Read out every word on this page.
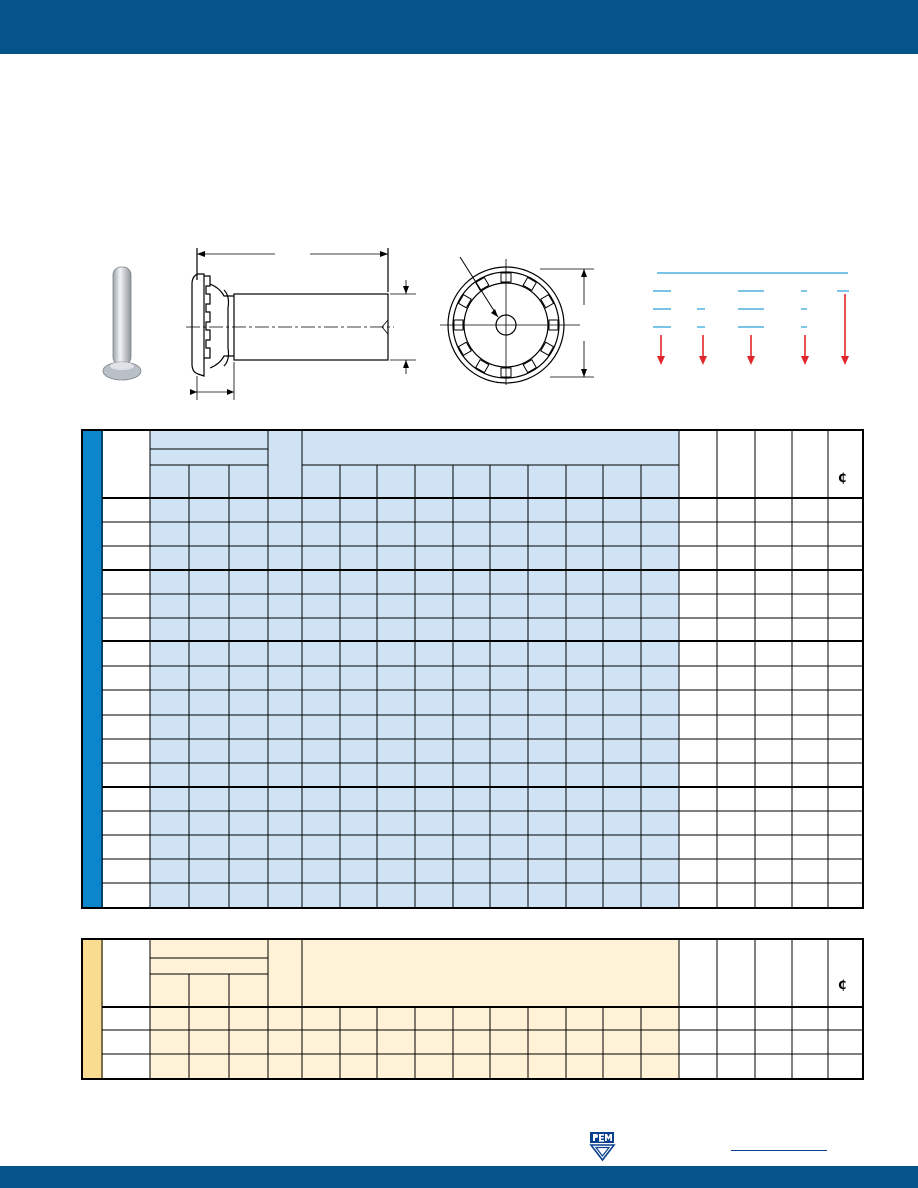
₵
₵
